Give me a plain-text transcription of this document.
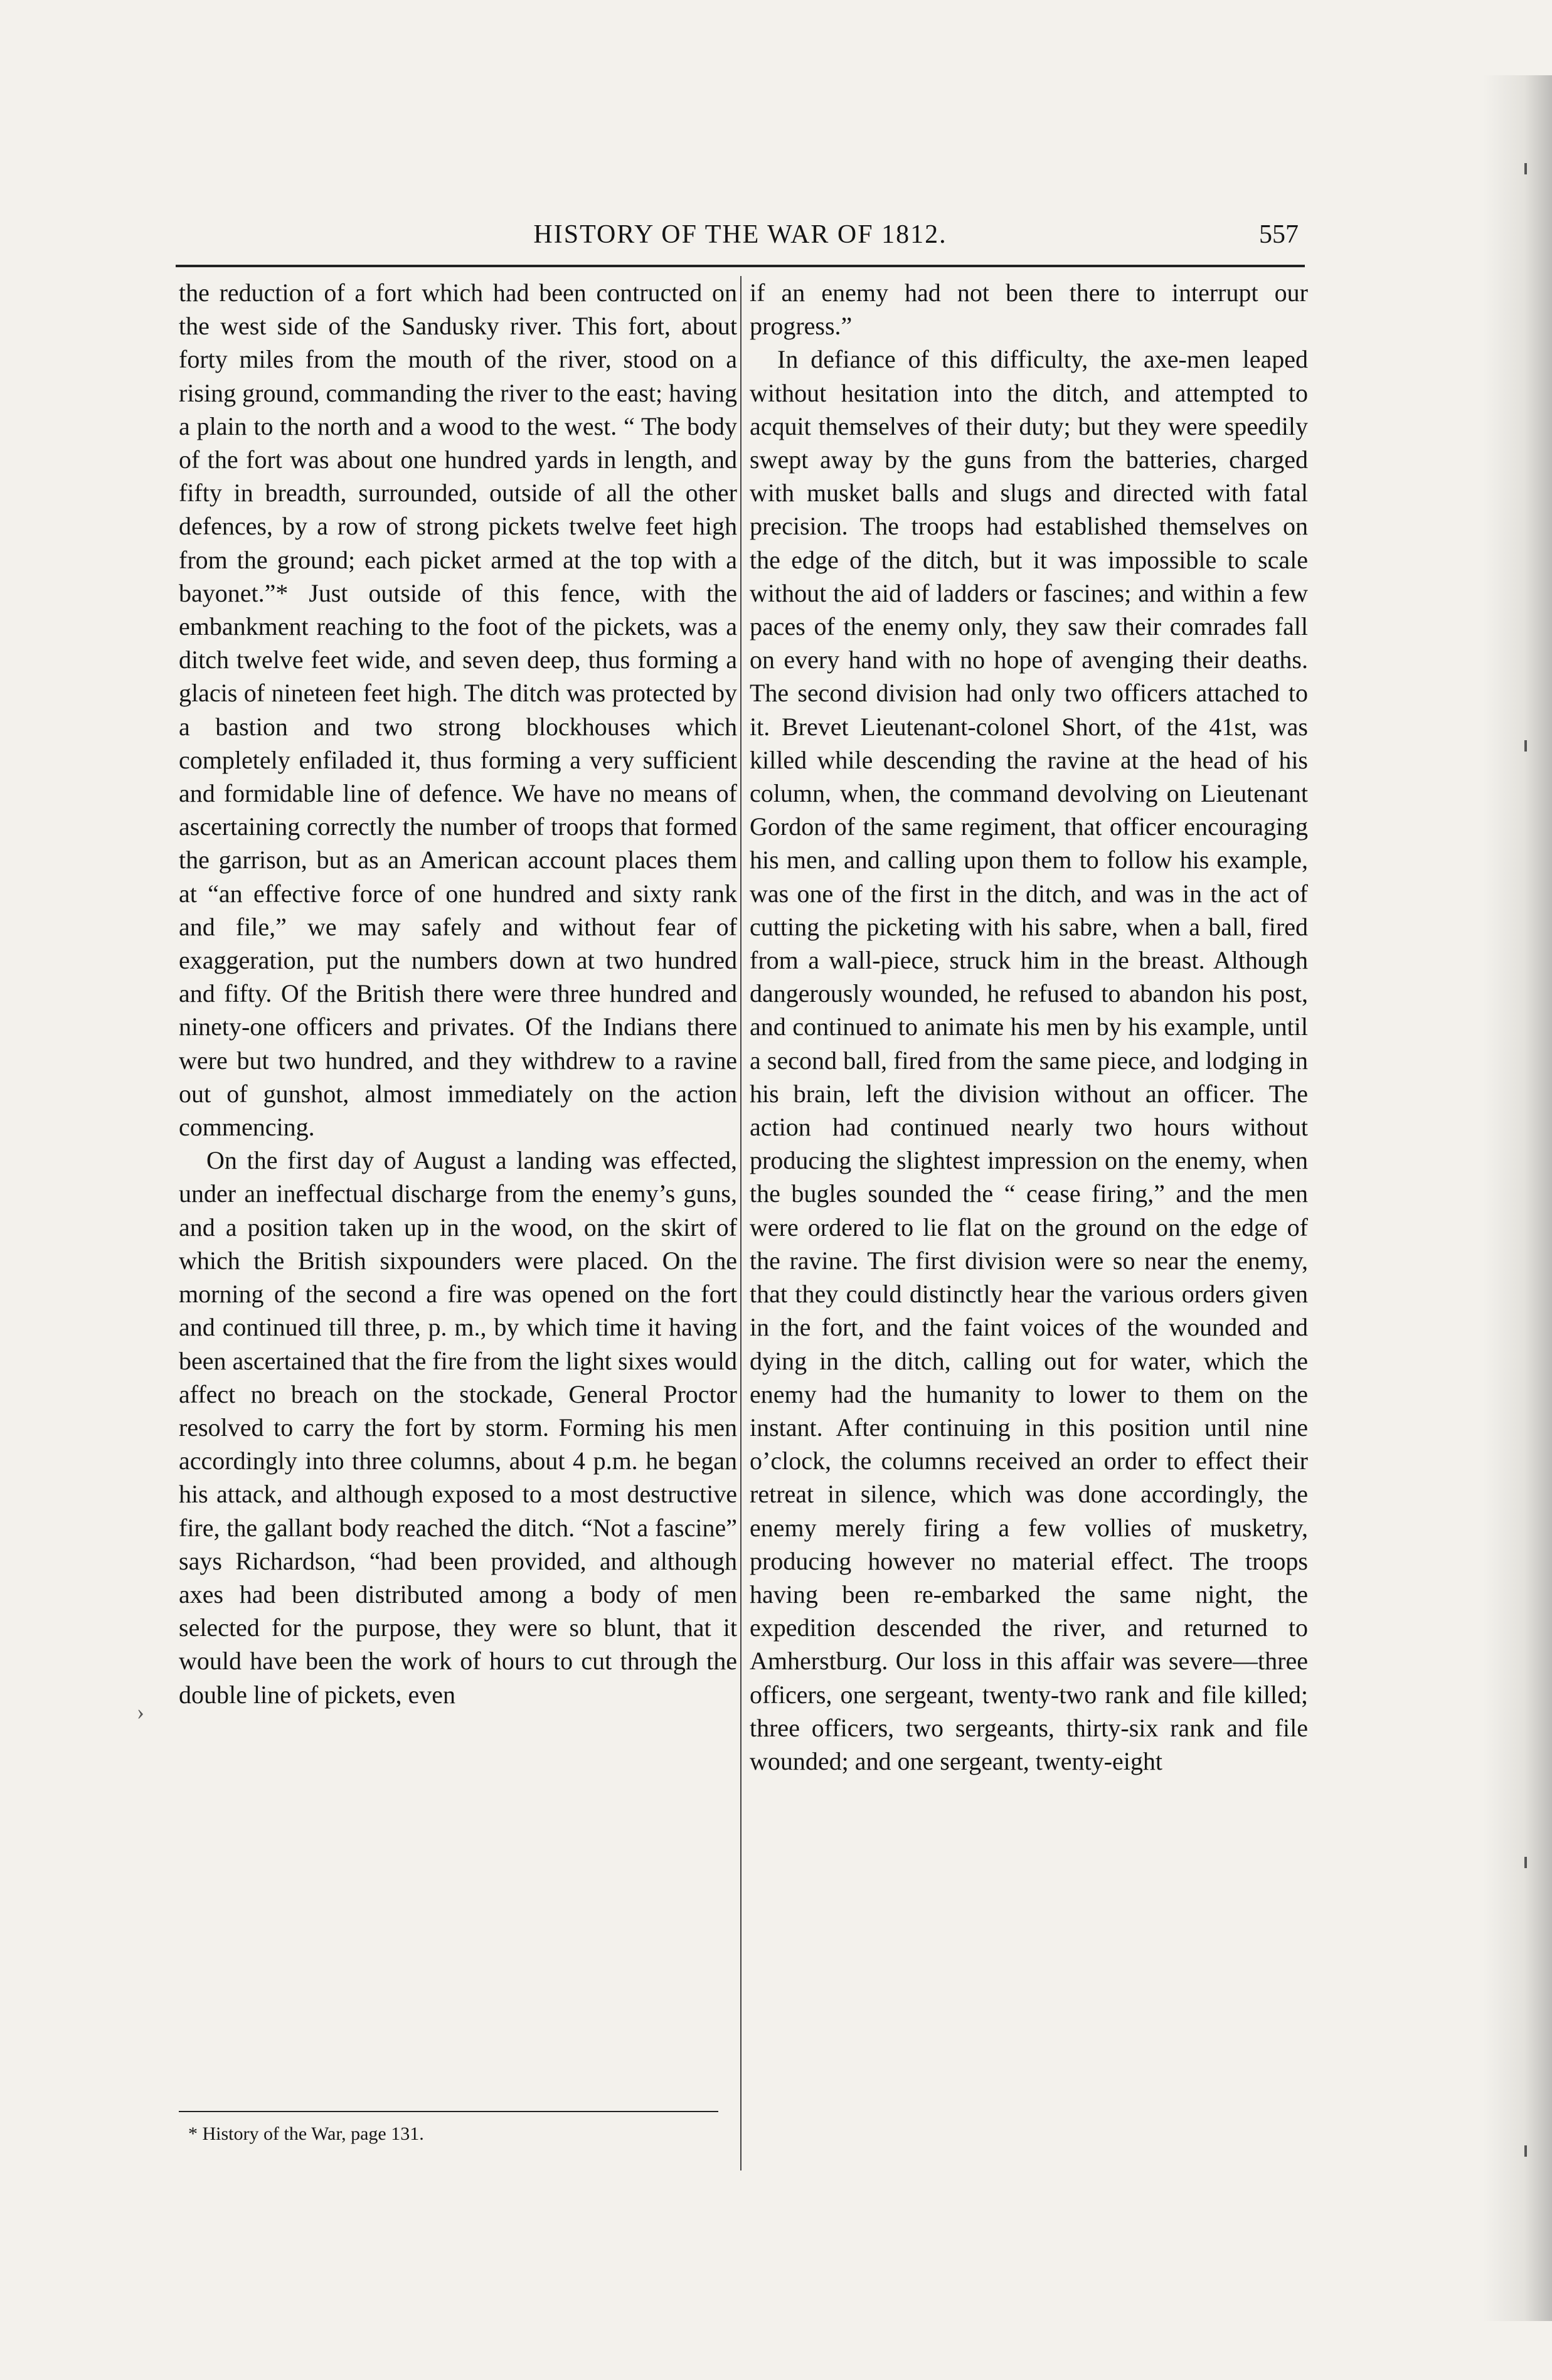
HISTORY OF THE WAR OF 1812.	557

the reduction of a fort which had been contructed on the west side of the Sandusky river. This fort, about forty miles from the mouth of the river, stood on a rising ground, commanding the river to the east; having a plain to the north and a wood to the west. “ The body of the fort was about one hundred yards in length, and fifty in breadth, surrounded, outside of all the other defences, by a row of strong pickets twelve feet high from the ground; each picket armed at the top with a bayonet.”* Just outside of this fence, with the embankment reaching to the foot of the pickets, was a ditch twelve feet wide, and seven deep, thus forming a glacis of nineteen feet high. The ditch was protected by a bastion and two strong blockhouses which completely enfiladed it, thus forming a very sufficient and formidable line of defence. We have no means of ascertaining correctly the number of troops that formed the garrison, but as an American account places them at “an effective force of one hundred and sixty rank and file,” we may safely and without fear of exaggeration, put the numbers down at two hundred and fifty. Of the British there were three hundred and ninety-one officers and privates. Of the Indians there were but two hundred, and they withdrew to a ravine out of gunshot, almost immediately on the action commencing.

On the first day of August a landing was effected, under an ineffectual discharge from the enemy’s guns, and a position taken up in the wood, on the skirt of which the British sixpounders were placed. On the morning of the second a fire was opened on the fort and continued till three, p. m., by which time it having been ascertained that the fire from the light sixes would affect no breach on the stockade, General Proctor resolved to carry the fort by storm. Forming his men accordingly into three columns, about 4 p.m. he began his attack, and although exposed to a most destructive fire, the gallant body reached the ditch. “Not a fascine” says Richardson, “had been provided, and although axes had been distributed among a body of men selected for the purpose, they were so blunt, that it would have been the work of hours to cut through the double line of pickets, even

if an enemy had not been there to interrupt our progress.”

In defiance of this difficulty, the axe-men leaped without hesitation into the ditch, and attempted to acquit themselves of their duty; but they were speedily swept away by the guns from the batteries, charged with musket balls and slugs and directed with fatal precision. The troops had established themselves on the edge of the ditch, but it was impossible to scale without the aid of ladders or fascines; and within a few paces of the enemy only, they saw their comrades fall on every hand with no hope of avenging their deaths. The second division had only two officers attached to it. Brevet Lieutenant-colonel Short, of the 41st, was killed while descending the ravine at the head of his column, when, the command devolving on Lieutenant Gordon of the same regiment, that officer encouraging his men, and calling upon them to follow his example, was one of the first in the ditch, and was in the act of cutting the picketing with his sabre, when a ball, fired from a wall-piece, struck him in the breast. Although dangerously wounded, he refused to abandon his post, and continued to animate his men by his example, until a second ball, fired from the same piece, and lodging in his brain, left the division without an officer. The action had continued nearly two hours without producing the slightest impression on the enemy, when the bugles sounded the “ cease firing,” and the men were ordered to lie flat on the ground on the edge of the ravine. The first division were so near the enemy, that they could distinctly hear the various orders given in the fort, and the faint voices of the wounded and dying in the ditch, calling out for water, which the enemy had the humanity to lower to them on the instant. After continuing in this position until nine o’clock, the columns received an order to effect their retreat in silence, which was done accordingly, the enemy merely firing a few vollies of musketry, producing however no material effect. The troops having been re-embarked the same night, the expedition descended the river, and returned to Amherstburg. Our loss in this affair was severe—three officers, one sergeant, twenty-two rank and file killed; three officers, two sergeants, thirty-six rank and file wounded; and one sergeant, twenty-eight

* History of the War, page 131.
›
